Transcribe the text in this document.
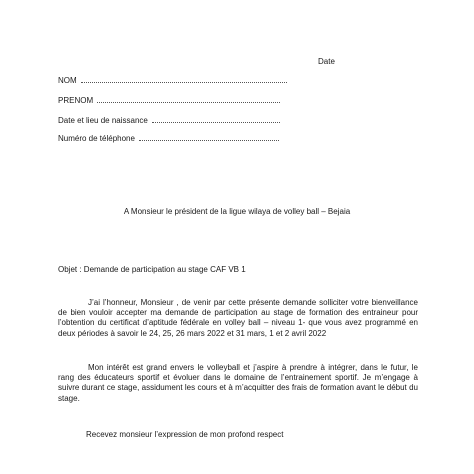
Date
NOM
PRENOM
Date et lieu de naissance
Numéro de téléphone
A Monsieur le président de la ligue wilaya de volley ball – Bejaia
Objet : Demande de participation au stage CAF VB 1
J’ai l’honneur, Monsieur , de venir par cette présente demande solliciter votre bienveillance de bien vouloir accepter ma demande de participation au stage de formation des entraineur pour l’obtention du certificat d’aptitude fédérale en volley ball – niveau 1- que vous avez programmé en deux périodes à savoir le 24, 25, 26 mars 2022 et 31 mars, 1 et 2 avril 2022
Mon intérêt est grand envers le volleyball et j’aspire à prendre à intégrer, dans le futur, le rang des éducateurs sportif et évoluer dans le domaine de l’entrainement sportif. Je m’engage à suivre durant ce stage, assidument les cours et à m’acquitter des frais de formation avant le début du stage.
Recevez monsieur l’expression de mon profond respect
